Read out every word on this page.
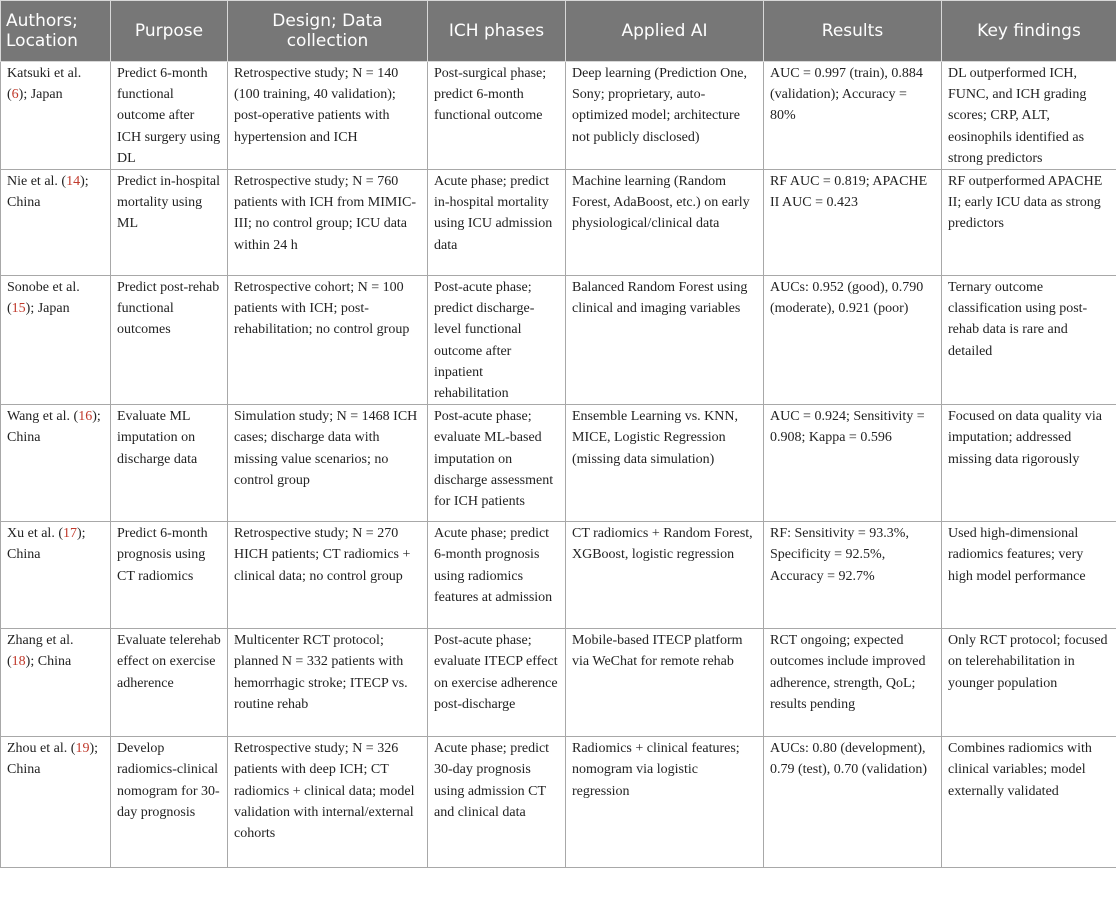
Authors; Location	Purpose	Design; Data collection	ICH phases	Applied AI	Results	Key findings
Katsuki et al. (6); Japan	Predict 6-month functional outcome after ICH surgery using DL	Retrospective study; N = 140 (100 training, 40 validation); post-operative patients with hypertension and ICH	Post-surgical phase; predict 6-month functional outcome	Deep learning (Prediction One, Sony; proprietary, auto-optimized model; architecture not publicly disclosed)	AUC = 0.997 (train), 0.884 (validation); Accuracy = 80%	DL outperformed ICH, FUNC, and ICH grading scores; CRP, ALT, eosinophils identified as strong predictors
Nie et al. (14); China	Predict in-hospital mortality using ML	Retrospective study; N = 760 patients with ICH from MIMIC-III; no control group; ICU data within 24 h	Acute phase; predict in-hospital mortality using ICU admission data	Machine learning (Random Forest, AdaBoost, etc.) on early physiological/clinical data	RF AUC = 0.819; APACHE II AUC = 0.423	RF outperformed APACHE II; early ICU data as strong predictors
Sonobe et al. (15); Japan	Predict post-rehab functional outcomes	Retrospective cohort; N = 100 patients with ICH; post-rehabilitation; no control group	Post-acute phase; predict discharge-level functional outcome after inpatient rehabilitation	Balanced Random Forest using clinical and imaging variables	AUCs: 0.952 (good), 0.790 (moderate), 0.921 (poor)	Ternary outcome classification using post-rehab data is rare and detailed
Wang et al. (16); China	Evaluate ML imputation on discharge data	Simulation study; N = 1468 ICH cases; discharge data with missing value scenarios; no control group	Post-acute phase; evaluate ML-based imputation on discharge assessment for ICH patients	Ensemble Learning vs. KNN, MICE, Logistic Regression (missing data simulation)	AUC = 0.924; Sensitivity = 0.908; Kappa = 0.596	Focused on data quality via imputation; addressed missing data rigorously
Xu et al. (17); China	Predict 6-month prognosis using CT radiomics	Retrospective study; N = 270 HICH patients; CT radiomics + clinical data; no control group	Acute phase; predict 6-month prognosis using radiomics features at admission	CT radiomics + Random Forest, XGBoost, logistic regression	RF: Sensitivity = 93.3%, Specificity = 92.5%, Accuracy = 92.7%	Used high-dimensional radiomics features; very high model performance
Zhang et al. (18); China	Evaluate telerehab effect on exercise adherence	Multicenter RCT protocol; planned N = 332 patients with hemorrhagic stroke; ITECP vs. routine rehab	Post-acute phase; evaluate ITECP effect on exercise adherence post-discharge	Mobile-based ITECP platform via WeChat for remote rehab	RCT ongoing; expected outcomes include improved adherence, strength, QoL; results pending	Only RCT protocol; focused on telerehabilitation in younger population
Zhou et al. (19); China	Develop radiomics-clinical nomogram for 30-day prognosis	Retrospective study; N = 326 patients with deep ICH; CT radiomics + clinical data; model validation with internal/external cohorts	Acute phase; predict 30-day prognosis using admission CT and clinical data	Radiomics + clinical features; nomogram via logistic regression	AUCs: 0.80 (development), 0.79 (test), 0.70 (validation)	Combines radiomics with clinical variables; model externally validated
